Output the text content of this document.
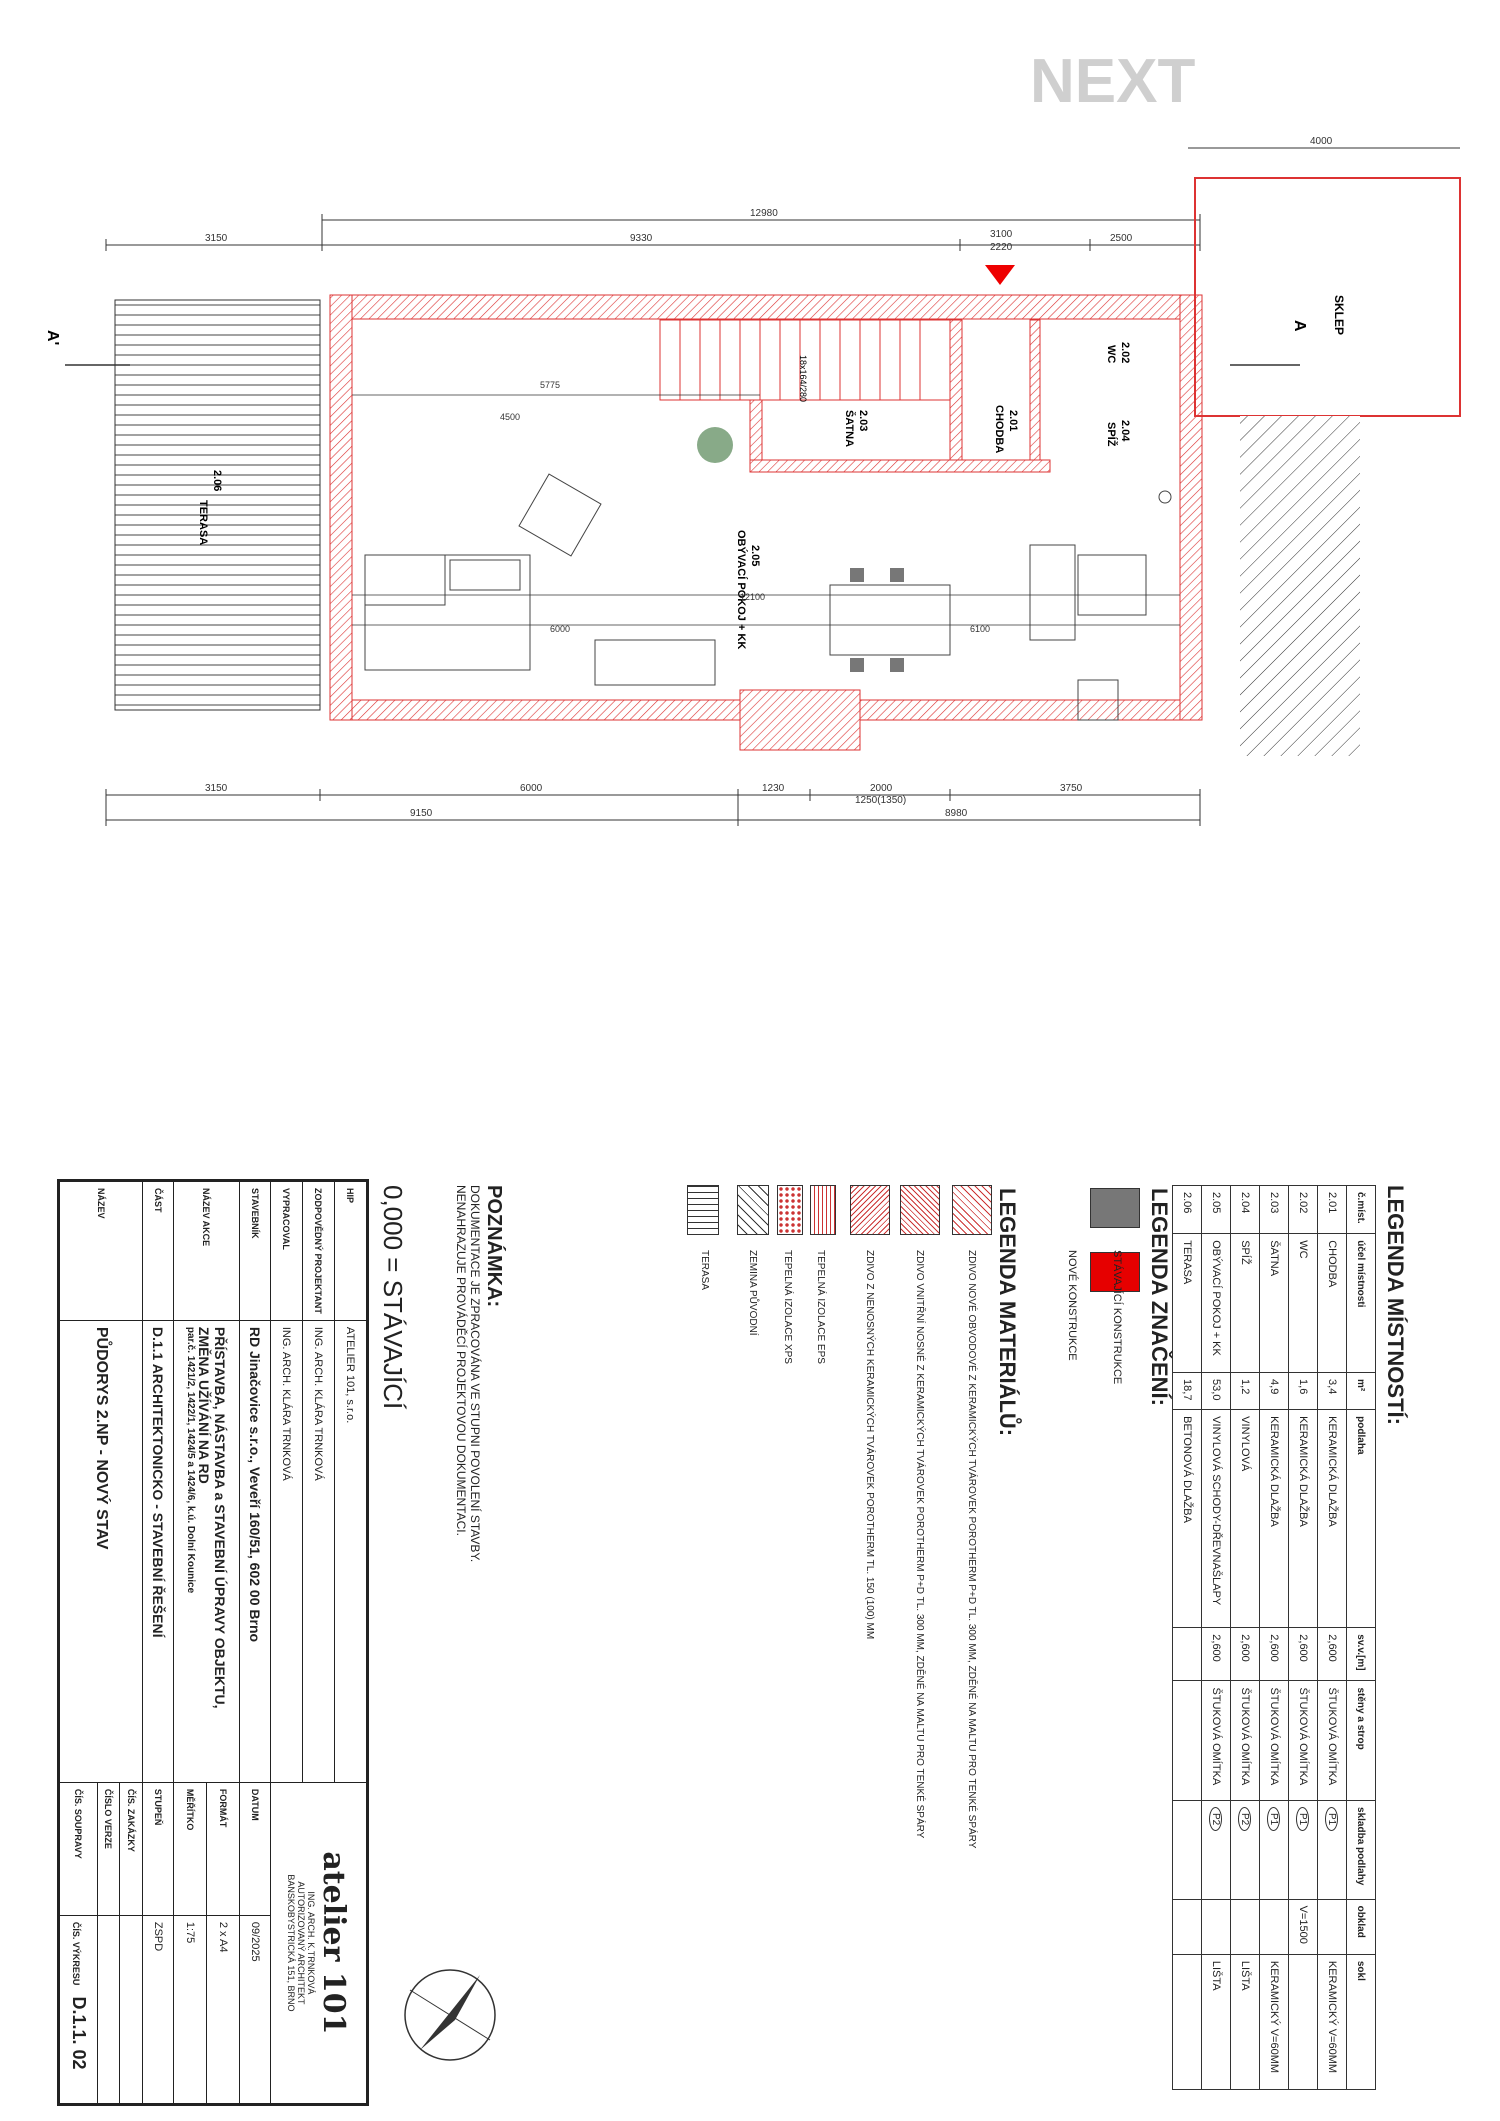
NEXT
3150	9330	3100
2220
2500
12980
4000
2.06
TERASA
18x164/280
A'
A SKLEP
2.05
OBÝVACÍ POKOJ + KK
2.03
ŠATNA	2.01
CHODBA
2.02
WC
2.04
SPÍŽ
5775
4500
6000
12100
6100
3150	6000	1230	2000
1250(1350)
3750
9150	8980
LEGENDA MÍSTNOSTÍ:
č.míst.	účel místnosti	m²	podlaha	sv.v.[m]	stěny a strop	skladba podlahy	obklad	sokl
2.01	CHODBA	3,4	KERAMICKÁ DLAŽBA	2,600	ŠTUKOVÁ OMÍTKA	P1		KERAMICKÝ V=60MM
2.02	WC	1,6	KERAMICKÁ DLAŽBA	2,600	ŠTUKOVÁ OMÍTKA	P1	V=1500	
2.03	ŠATNA	4,9	KERAMICKÁ DLAŽBA	2,600	ŠTUKOVÁ OMÍTKA	P1		KERAMICKÝ V=60MM
2.04	SPÍŽ	1,2	VINYLOVÁ	2,600	ŠTUKOVÁ OMÍTKA	P2		LIŠTA
2.05	OBÝVACÍ POKOJ + KK	53,0	VINYLOVÁ SCHODY-DŘEVNAŠLAPY	2,600	ŠTUKOVÁ OMÍTKA	P2		LIŠTA
2.06	TERASA	18,7	BETONOVÁ DLAŽBA					
LEGENDA ZNAČENÍ:
STÁVAJÍCÍ KONSTRUKCE
NOVÉ KONSTRUKCE
LEGENDA MATERIÁLŮ:
ZDIVO NOVÉ OBVODOVÉ Z KERAMICKÝCH TVÁROVEK POROTHERM P+D TL. 300 MM, ZDĚNÉ NA MALTU PRO TENKÉ SPÁRY
ZDIVO VNITŘNÍ NOSNÉ Z KERAMICKÝCH TVÁROVEK POROTHERM P+D TL. 300 MM, ZDĚNÉ NA MALTU PRO TENKÉ SPÁRY
ZDIVO Z NENOSNÝCH KERAMICKÝCH TVÁROVEK POROTHERM TL. 150 (100) MM
TEPELNÁ IZOLACE EPS
TEPELNÁ IZOLACE XPS
ZEMINA PŮVODNÍ
TERASA
POZNÁMKA:
DOKUMENTACE JE ZPRACOVÁNA VE STUPNI POVOLENÍ STAVBY.
NENAHRAZUJE PROVÁDĚCÍ PROJEKTOVOU DOKUMENTACI.
0,000 = STÁVAJÍCÍ
HIP	ATELIER 101, s.r.o.	atelier 101
ING. ARCH. K.TRNKOVÁ
AUTORIZOVANÝ ARCHITEKT
BANSKOBYSTRICKÁ 151, BRNO	

ZODPOVĚDNÝ PROJEKTANT	ING. ARCH. KLÁRA TRNKOVÁ		
VYPRACOVAL	ING. ARCH. KLÁRA TRNKOVÁ		
STAVEBNÍK	RD Jinačovice s.r.o., Veveří 160/51, 602 00 Brno	DATUM	09/2025
NÁZEV AKCE	PŘÍSTAVBA, NÁSTAVBA a STAVEBNÍ ÚPRAVY OBJEKTU,
ZMĚNA UŽÍVÁNÍ NA RD
par.č. 1421/2, 1422/1, 1424/5 a 1424/6, k.ú. Dolní Kounice	FORMÁT	2 x A4
		MĚŘÍTKO	1:75
ČÁST	D.1.1 ARCHITEKTONICKO - STAVEBNÍ ŘEŠENÍ	STUPEŇ	ZSPD
NÁZEV	PŮDORYS 2.NP - NOVÝ STAV	ČÍS. ZAKÁZKY	
		ČÍSLO VERZE	
		ČÍS. SOUPRAVY	ČÍS. VÝKRESU D.1.1. 02
